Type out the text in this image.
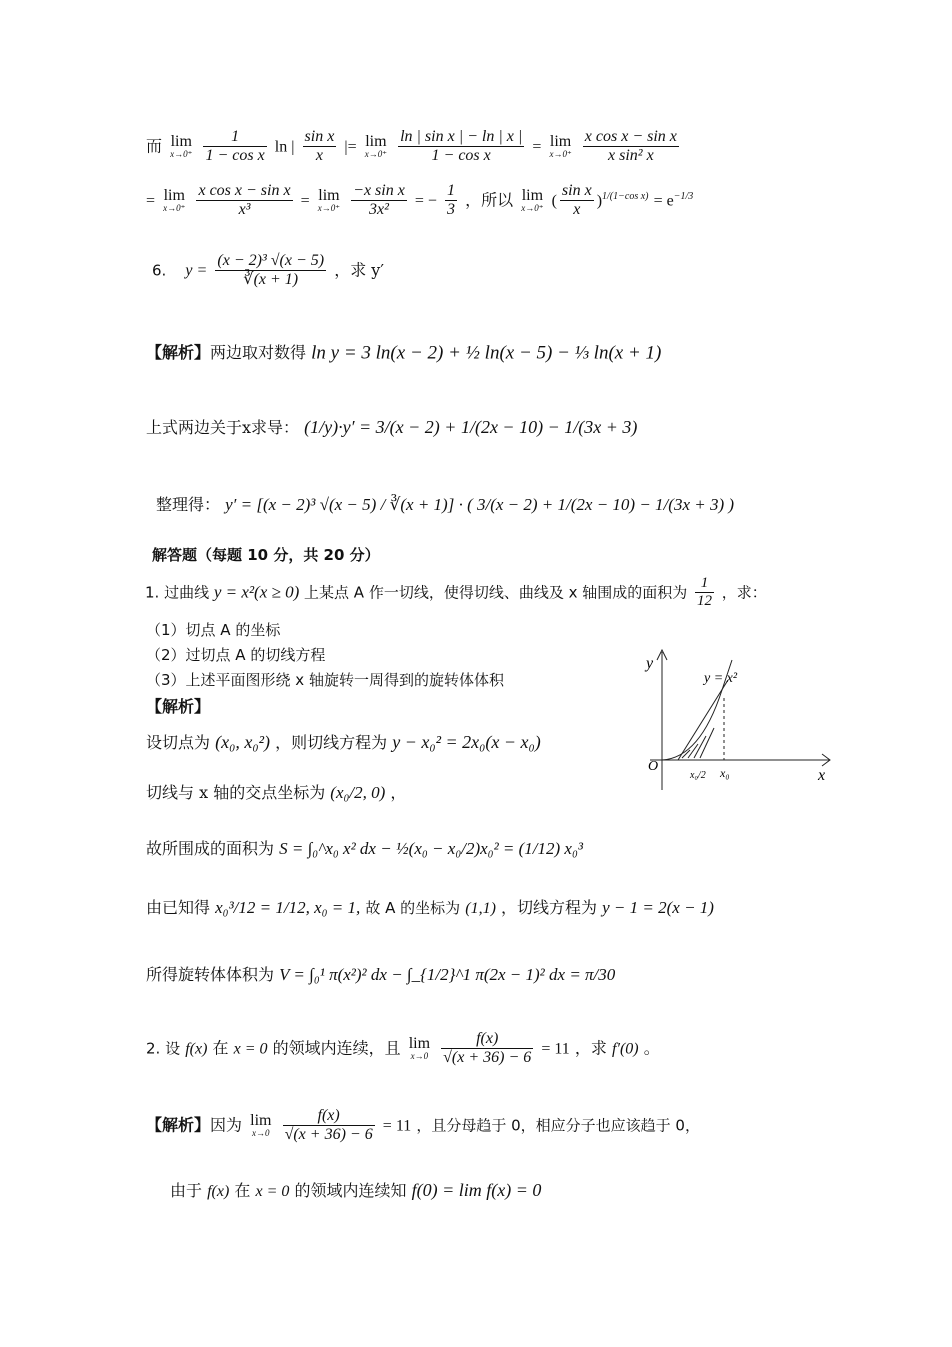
而 lim
x→0⁺
$\frac{1}{\text{1 − cos x}}$ ln | $\frac{\text{sin x}}{x}$ |= lim
x→0⁺
$\frac{\text{ln | sin x | − ln | x |}}{\text{1 − cos x}} = \lim$
x→0⁺
$\frac{\text{x cos x − sin x}}{\text{x sin² x}}$
= lim
x→0⁺
$\frac{\text{x cos x − sin x}}{\text{x³}} = \lim$
x→0⁺
$\frac{\text{−x sin x}}{\text{3x²}}$ = − $\frac{1}{3}$ ，所以 lim
x→0⁺ ( $\frac{\text{sin x}}{x} )^{1/(1-cos x)} = e^{-1/3}$
6. $y = \frac{\text{(x − 2)³ √(x − 5)}}{∛(x + 1)}$ ，求 y′
【解析】两边取对数得 ln y = 3 ln(x − 2) + ½ ln(x − 5) − ⅓ ln(x + 1)
上式两边关于x求导： (1/y)·y′ = 3/(x − 2) + 1/(2x − 10) − 1/(3x + 3)
整理得： y′ = [(x − 2)³ √(x − 5) / ∛(x + 1)] · ( 3/(x − 2) + 1/(2x − 10) − 1/(3x + 3) )
解答题（每题 10 分，共 20 分）
1. 过曲线 y = x²(x ≥ 0) 上某点 A 作一切线，使得切线、曲线及 x 轴围成的面积为 $\frac{1}{12}$ ，求：
（1）切点 A 的坐标
（2）过切点 A 的切线方程
（3）上述平面图形绕 x 轴旋转一周得到的旋转体体积
【解析】
设切点为 (x₀, x₀²) ，则切线方程为 y − x₀² = 2x₀(x − x₀)
切线与 x 轴的交点坐标为 (x₀/2, 0) ，
故所围成的面积为 S = ∫₀^x₀ x² dx − ½(x₀ − x₀/2)x₀² = (1/12) x₀³
由已知得 x₀³/12 = 1/12, x₀ = 1, 故 A 的坐标为 (1,1) ，切线方程为 y − 1 = 2(x − 1)
所得旋转体体积为 V = ∫₀¹ π(x²)² dx − ∫_{1/2}^1 π(2x − 1)² dx = π/30
y
y = x²
O
x
x₀/2 x₀
2. 设 f(x) 在 x = 0 的领域内连续，且 lim
x→0
$\frac{f(x)}{√(x + 36) - 6} = 11$ ，求 f′(0) 。
【解析】因为 lim
x→0
$\frac{f(x)}{√(x + 36) - 6} = 11$ ，且分母趋于 0，相应分子也应该趋于 0，
由于 f(x) 在 x = 0 的领域内连续知 f(0) = lim f(x) = 0
